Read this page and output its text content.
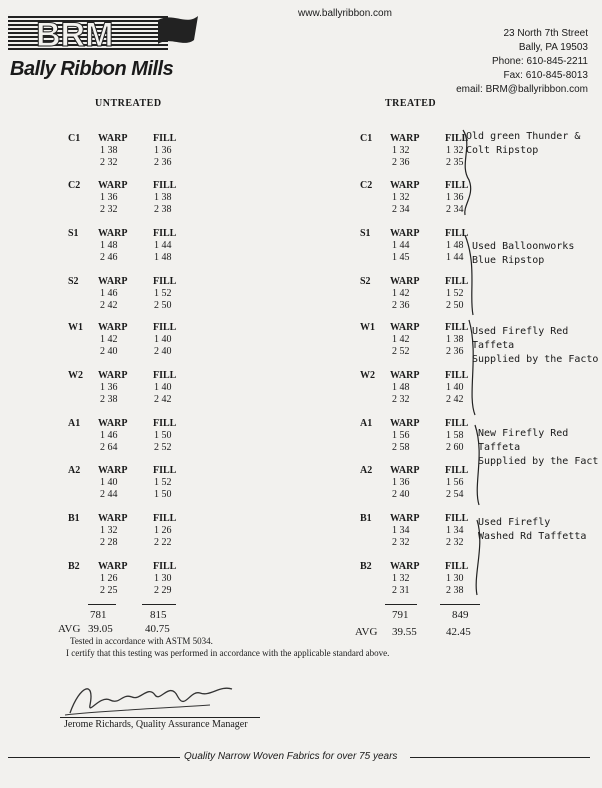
BRM
Bally Ribbon Mills
www.ballyribbon.com
23 North 7th Street
Bally, PA 19503
Phone: 610-845-2211
Fax: 610-845-8013
email: BRM@ballyribbon.com
UNTREATED	TREATED
C1 WARP	FILL
1 38	1 36
2 32	2 36
C2 WARP	FILL
1 36	1 38
2 32	2 38
S1 WARP	FILL
1 48	1 44
2 46	1 48
S2 WARP	FILL
1 46	1 52
2 42	2 50
W1 WARP	FILL
1 42	1 40
2 40	2 40
W2 WARP	FILL
1 36	1 40
2 38	2 42
A1 WARP	FILL
1 46	1 50
2 64	2 52
A2 WARP	FILL
1 40	1 52
2 44	1 50
B1 WARP	FILL
1 32	1 26
2 28	2 22
B2 WARP	FILL
1 26	1 30
2 25	2 29
C1 WARP	FILL
1 32	1 32
2 36	2 35
C2 WARP	FILL
1 32	1 36
2 34	2 34
S1 WARP	FILL
1 44	1 48
1 45	1 44
S2 WARP	FILL
1 42	1 52
2 36	2 50
W1 WARP	FILL
1 42	1 38
2 52	2 36
W2 WARP	FILL
1 48	1 40
2 32	2 42
A1 WARP	FILL
1 56	1 58
2 58	2 60
A2 WARP	FILL
1 36	1 56
2 40	2 54
B1 WARP	FILL
1 34	1 34
2 32	2 32
B2 WARP	FILL
1 32	1 30
2 31	2 38
Old green Thunder &
Colt Ripstop
Used Balloonworks
Blue Ripstop
Used Firefly Red
Taffeta
Supplied by the Facto
New Firefly Red
Taffeta
Supplied by the Fact
Used Firefly
Washed Rd Taffetta
781	815	791	849
AVG 39.05	40.75	AVG 39.55	42.45
Tested in accordance with ASTM 5034.
I certify that this testing was performed in accordance with the applicable standard above.
Jerome Richards, Quality Assurance Manager
Quality Narrow Woven Fabrics for over 75 years
